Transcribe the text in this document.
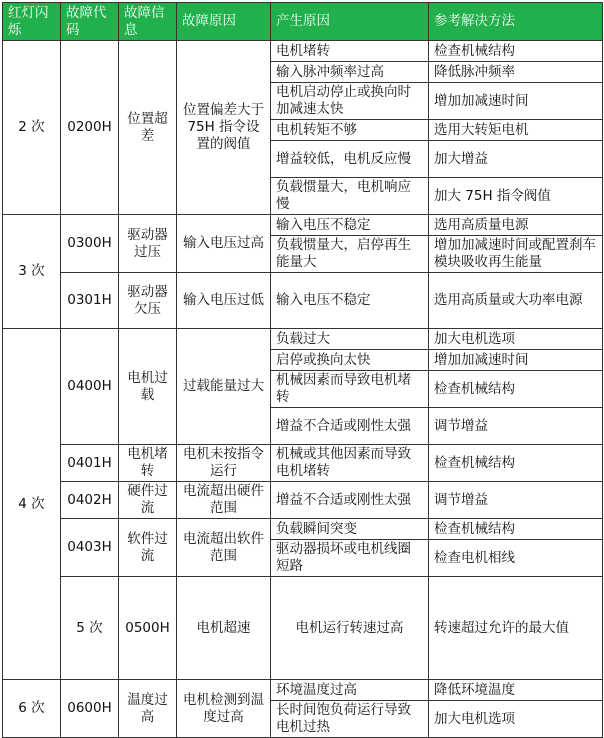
红灯闪烁	故障代码	故障信息	故障原因	产生原因	参考解决方法	
2 次	0200H	位置超差	位置偏差大于 75H 指令设置的阀值	电机堵转	检查机械结构	
				输入脉冲频率过高	降低脉冲频率	
				电机启动停止或换向时加减速太快	增加加减速时间	
				电机转矩不够	选用大转矩电机	
				增益较低，电机反应慢	加大增益	
				负载惯量大，电机响应慢	加大 75H 指令阀值	
3 次	0300H	驱动器过压	输入电压过高	输入电压不稳定	选用高质量电源	
				负载惯量大，启停再生能量大	增加加减速时间或配置刹车模块吸收再生能量	
	0301H	驱动器欠压	输入电压过低	输入电压不稳定	选用高质量或大功率电源	
4 次	0400H	电机过载	过载能量过大	负载过大	加大电机选项	
				启停或换向太快	增加加减速时间	
				机械因素而导致电机堵转	检查机械结构	
				增益不合适或刚性太强	调节增益	
	0401H	电机堵转	电机未按指令运行	机械或其他因素而导致电机堵转	检查机械结构	
	0402H	硬件过流	电流超出硬件范围	增益不合适或刚性太强	调节增益	
	0403H	软件过流	电流超出软件范围	负载瞬间突变	检查机械结构	
				驱动器损坏或电机线圈短路	检查电机相线	
	5 次	0500H	电机超速	电机运行转速过高	转速超过允许的最大值	
6 次	0600H	温度过高	电机检测到温度过高	环境温度过高	降低环境温度	
				长时间饱负荷运行导致电机过热	加大电机选项	
